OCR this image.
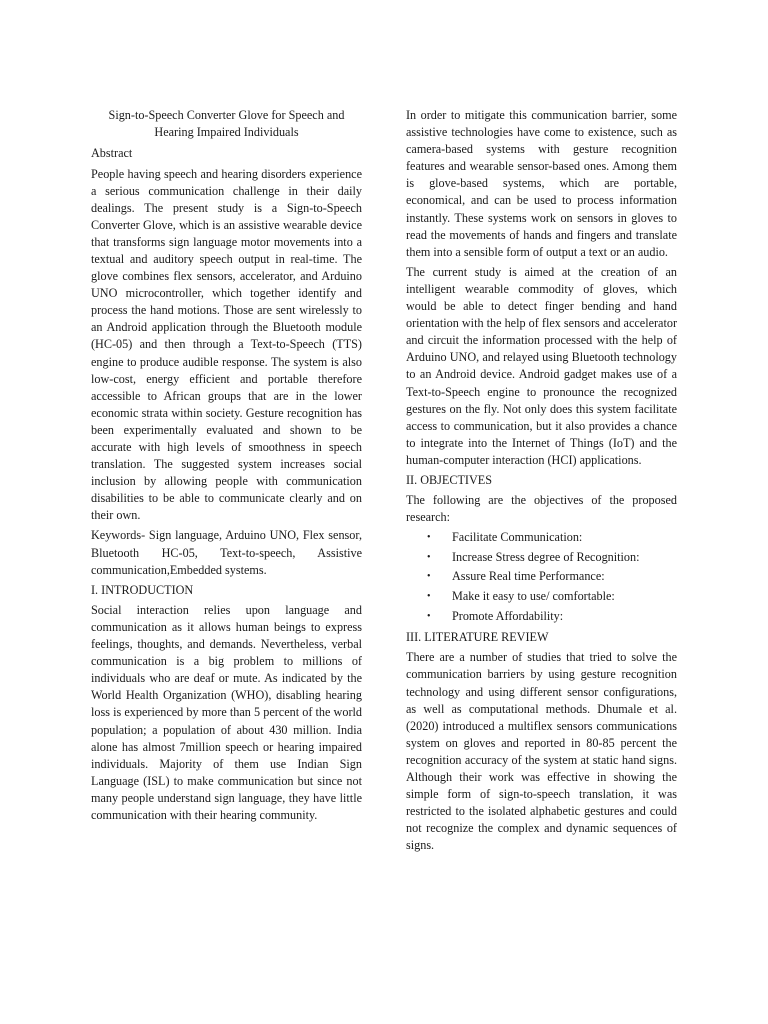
Sign-to-Speech Converter Glove for Speech and Hearing Impaired Individuals
Abstract

People having speech and hearing disorders experience a serious communication challenge in their daily dealings. The present study is a Sign-to-Speech Converter Glove, which is an assistive wearable device that transforms sign language motor movements into a textual and auditory speech output in real-time. The glove combines flex sensors, accelerator, and Arduino UNO microcontroller, which together identify and process the hand motions. Those are sent wirelessly to an Android application through the Bluetooth module (HC-05) and then through a Text-to-Speech (TTS) engine to produce audible response. The system is also low-cost, energy efficient and portable therefore accessible to African groups that are in the lower economic strata within society. Gesture recognition has been experimentally evaluated and shown to be accurate with high levels of smoothness in speech translation. The suggested system increases social inclusion by allowing people with communication disabilities to be able to communicate clearly and on their own.

Keywords- Sign language, Arduino UNO, Flex sensor, Bluetooth HC-05, Text-to-speech, Assistive communication,Embedded systems.

I. INTRODUCTION

Social interaction relies upon language and communication as it allows human beings to express feelings, thoughts, and demands. Nevertheless, verbal communication is a big problem to millions of individuals who are deaf or mute. As indicated by the World Health Organization (WHO), disabling hearing loss is experienced by more than 5 percent of the world population; a population of about 430 million. India alone has almost 7million speech or hearing impaired individuals. Majority of them use Indian Sign Language (ISL) to make communication but since not many people understand sign language, they have little communication with their hearing community.

In order to mitigate this communication barrier, some assistive technologies have come to existence, such as camera-based systems with gesture recognition features and wearable sensor-based ones. Among them is glove-based systems, which are portable, economical, and can be used to process information instantly. These systems work on sensors in gloves to read the movements of hands and fingers and translate them into a sensible form of output a text or an audio.

The current study is aimed at the creation of an intelligent wearable commodity of gloves, which would be able to detect finger bending and hand orientation with the help of flex sensors and accelerator and circuit the information processed with the help of Arduino UNO, and relayed using Bluetooth technology to an Android device. Android gadget makes use of a Text-to-Speech engine to pronounce the recognized gestures on the fly. Not only does this system facilitate access to communication, but it also provides a chance to integrate into the Internet of Things (IoT) and the human-computer interaction (HCI) applications.

II. OBJECTIVES

The following are the objectives of the proposed research:

• Facilitate Communication:
• Increase Stress degree of Recognition:
• Assure Real time Performance:
• Make it easy to use/ comfortable:
• Promote Affordability:
III. LITERATURE REVIEW

There are a number of studies that tried to solve the communication barriers by using gesture recognition technology and using different sensor configurations, as well as computational methods. Dhumale et al. (2020) introduced a multiflex sensors communications system on gloves and reported in 80-85 percent the recognition accuracy of the system at static hand signs. Although their work was effective in showing the simple form of sign-to-speech translation, it was restricted to the isolated alphabetic gestures and could not recognize the complex and dynamic sequences of signs.
